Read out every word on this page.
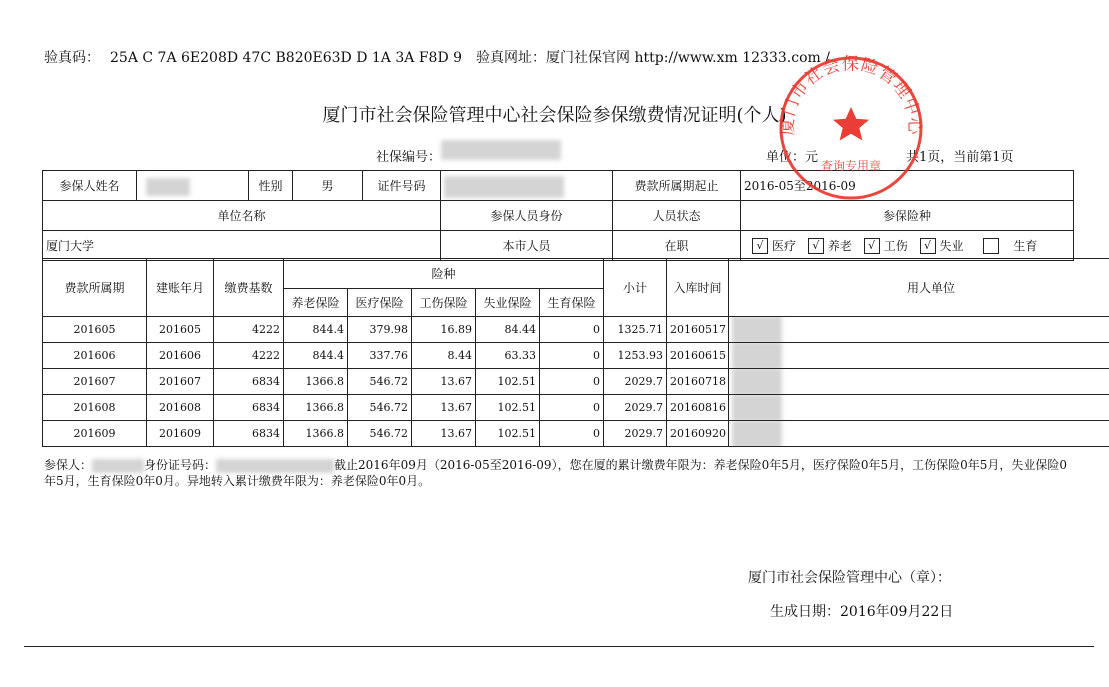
验真码： 25A C 7A 6E208D 47C B820E63D D 1A 3A F8D 9 验真网址：厦门社保官网 http://www.xm 12333.com /
厦门市社会保险管理中心社会保险参保缴费情况证明(个人)
社保编号：	单位：元	共1页，当前第1页
参保人姓名		性别	男	证件号码		费款所属期起止	2016-05至2016-09
单位名称					参保人员身份	人员状态	参保险种
厦门大学					本市人员	在职	√ 医疗 √ 养老 √ 工伤 √ 失业 生育
费款所属期	建账年月	缴费基数	险种					小计	入库时间	用人单位
			养老保险	医疗保险	工伤保险	失业保险	生育保险			
201605	201605	4222	844.4	379.98	16.89	84.44	0	1325.71	20160517	

201606	201606	4222	844.4	337.76	8.44	63.33	0	1253.93	20160615	

201607	201607	6834	1366.8	546.72	13.67	102.51	0	2029.7	20160718	

201608	201608	6834	1366.8	546.72	13.67	102.51	0	2029.7	20160816	

201609	201609	6834	1366.8	546.72	13.67	102.51	0	2029.7	20160920	
参保人：	身份证号码：	截止2016年09月（2016-05至2016-09），您在厦的累计缴费年限为：养老保险0年5月，医疗保险0年5月，工伤保险0年5月，失业保险0年5月，生育保险0年0月。异地转入累计缴费年限为：养老保险0年0月。
厦门市社会保险管理中心（章）：
生成日期：2016年09月22日
厦门市社会保险管理中心
查询专用章
